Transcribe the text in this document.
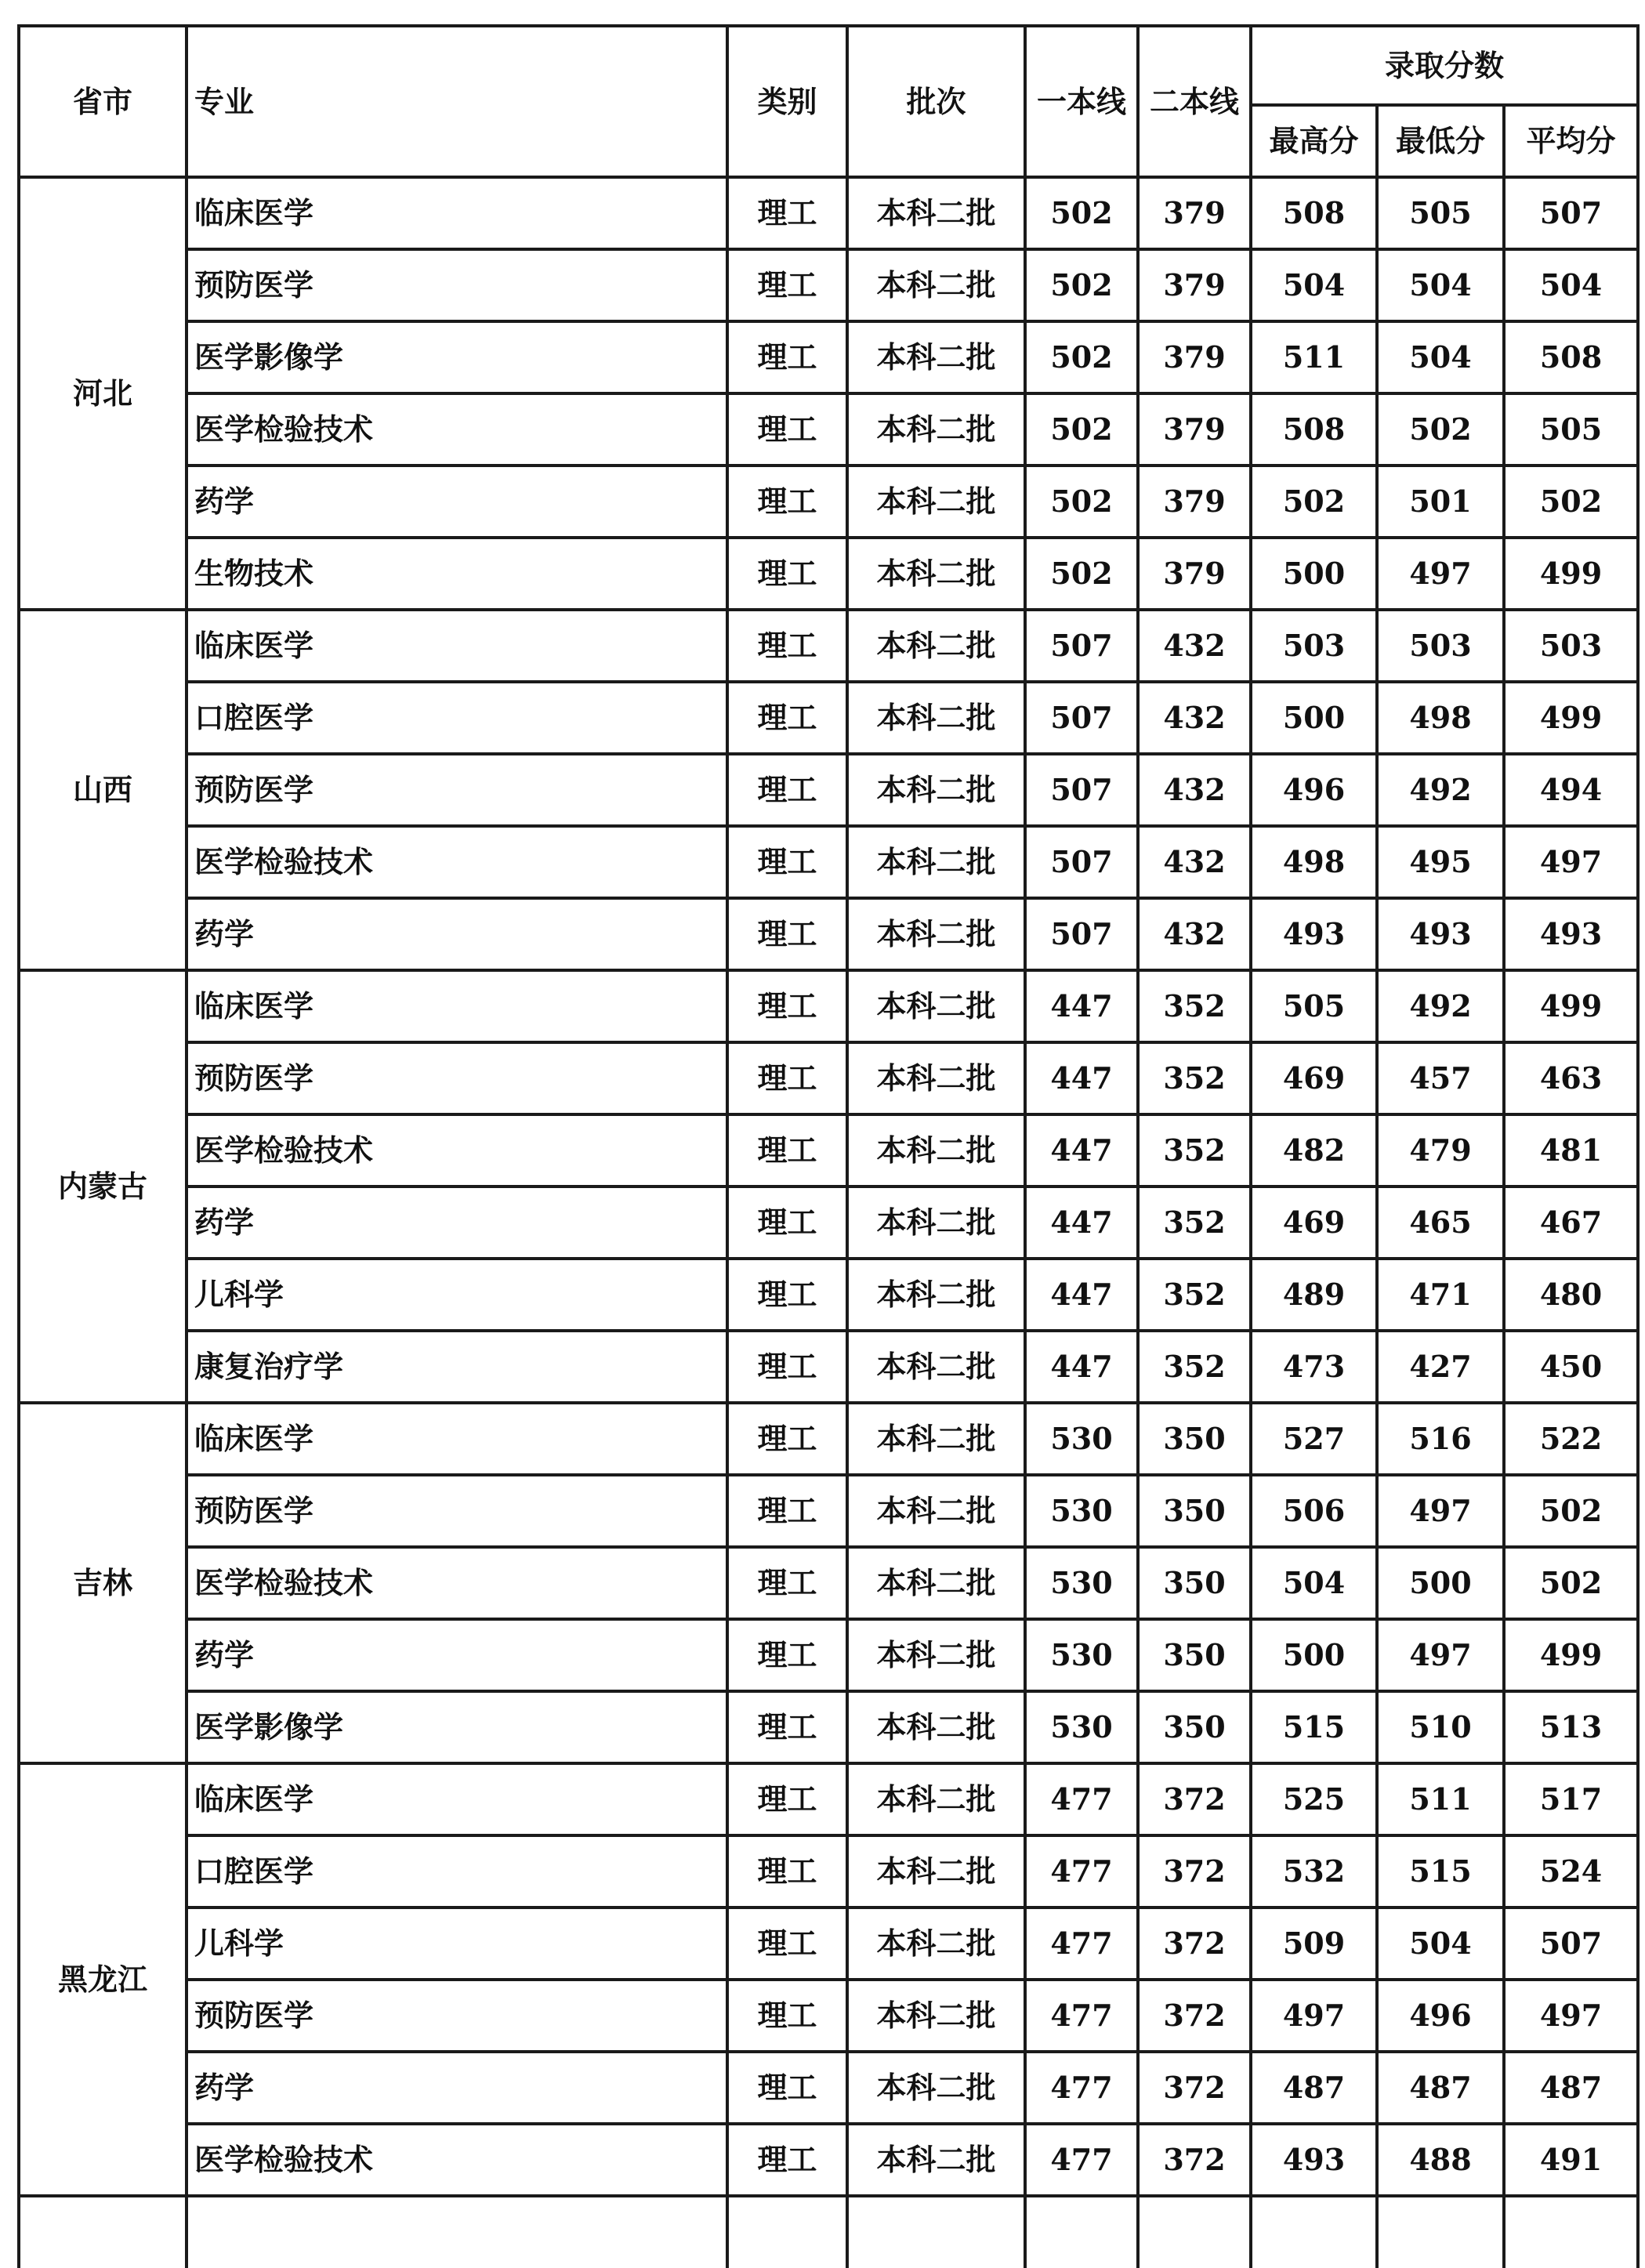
省市	专业	类别	批次	一本线	二本线	录取分数		
						最高分	最低分	平均分
河北	临床医学	理工	本科二批	502	379	508	505	507
	预防医学	理工	本科二批	502	379	504	504	504
	医学影像学	理工	本科二批	502	379	511	504	508
	医学检验技术	理工	本科二批	502	379	508	502	505
	药学	理工	本科二批	502	379	502	501	502
	生物技术	理工	本科二批	502	379	500	497	499
山西	临床医学	理工	本科二批	507	432	503	503	503
	口腔医学	理工	本科二批	507	432	500	498	499
	预防医学	理工	本科二批	507	432	496	492	494
	医学检验技术	理工	本科二批	507	432	498	495	497
	药学	理工	本科二批	507	432	493	493	493
内蒙古	临床医学	理工	本科二批	447	352	505	492	499
	预防医学	理工	本科二批	447	352	469	457	463
	医学检验技术	理工	本科二批	447	352	482	479	481
	药学	理工	本科二批	447	352	469	465	467
	儿科学	理工	本科二批	447	352	489	471	480
	康复治疗学	理工	本科二批	447	352	473	427	450
吉林	临床医学	理工	本科二批	530	350	527	516	522
	预防医学	理工	本科二批	530	350	506	497	502
	医学检验技术	理工	本科二批	530	350	504	500	502
	药学	理工	本科二批	530	350	500	497	499
	医学影像学	理工	本科二批	530	350	515	510	513
黑龙江	临床医学	理工	本科二批	477	372	525	511	517
	口腔医学	理工	本科二批	477	372	532	515	524
	儿科学	理工	本科二批	477	372	509	504	507
	预防医学	理工	本科二批	477	372	497	496	497
	药学	理工	本科二批	477	372	487	487	487
	医学检验技术	理工	本科二批	477	372	493	488	491
